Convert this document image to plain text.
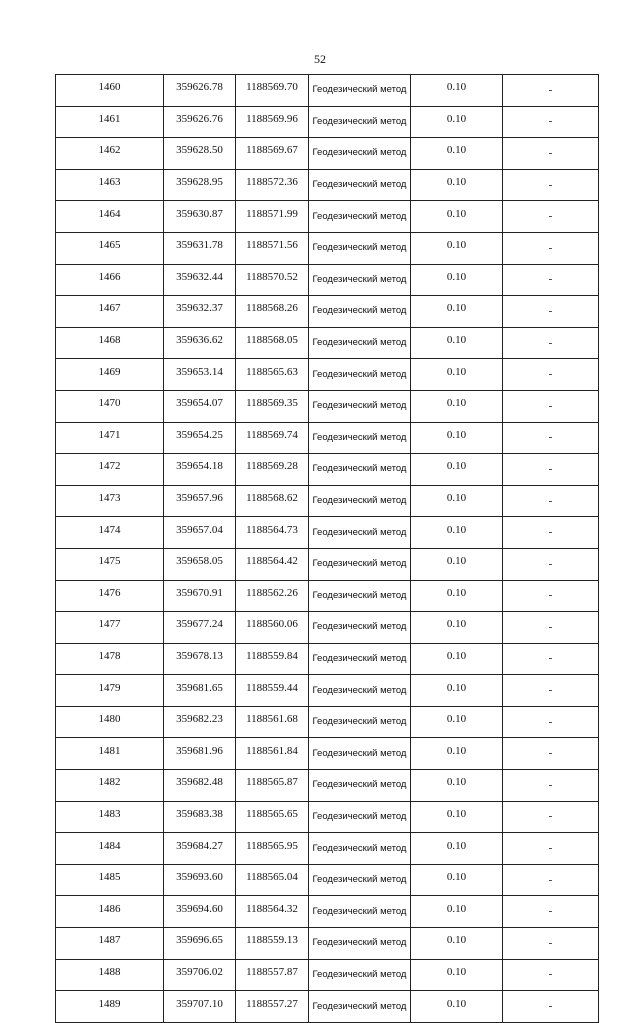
52
1460	359626.78	1188569.70	Геодезический метод	0.10	-
1461	359626.76	1188569.96	Геодезический метод	0.10	-
1462	359628.50	1188569.67	Геодезический метод	0.10	-
1463	359628.95	1188572.36	Геодезический метод	0.10	-
1464	359630.87	1188571.99	Геодезический метод	0.10	-
1465	359631.78	1188571.56	Геодезический метод	0.10	-
1466	359632.44	1188570.52	Геодезический метод	0.10	-
1467	359632.37	1188568.26	Геодезический метод	0.10	-
1468	359636.62	1188568.05	Геодезический метод	0.10	-
1469	359653.14	1188565.63	Геодезический метод	0.10	-
1470	359654.07	1188569.35	Геодезический метод	0.10	-
1471	359654.25	1188569.74	Геодезический метод	0.10	-
1472	359654.18	1188569.28	Геодезический метод	0.10	-
1473	359657.96	1188568.62	Геодезический метод	0.10	-
1474	359657.04	1188564.73	Геодезический метод	0.10	-
1475	359658.05	1188564.42	Геодезический метод	0.10	-
1476	359670.91	1188562.26	Геодезический метод	0.10	-
1477	359677.24	1188560.06	Геодезический метод	0.10	-
1478	359678.13	1188559.84	Геодезический метод	0.10	-
1479	359681.65	1188559.44	Геодезический метод	0.10	-
1480	359682.23	1188561.68	Геодезический метод	0.10	-
1481	359681.96	1188561.84	Геодезический метод	0.10	-
1482	359682.48	1188565.87	Геодезический метод	0.10	-
1483	359683.38	1188565.65	Геодезический метод	0.10	-
1484	359684.27	1188565.95	Геодезический метод	0.10	-
1485	359693.60	1188565.04	Геодезический метод	0.10	-
1486	359694.60	1188564.32	Геодезический метод	0.10	-
1487	359696.65	1188559.13	Геодезический метод	0.10	-
1488	359706.02	1188557.87	Геодезический метод	0.10	-
1489	359707.10	1188557.27	Геодезический метод	0.10	-
